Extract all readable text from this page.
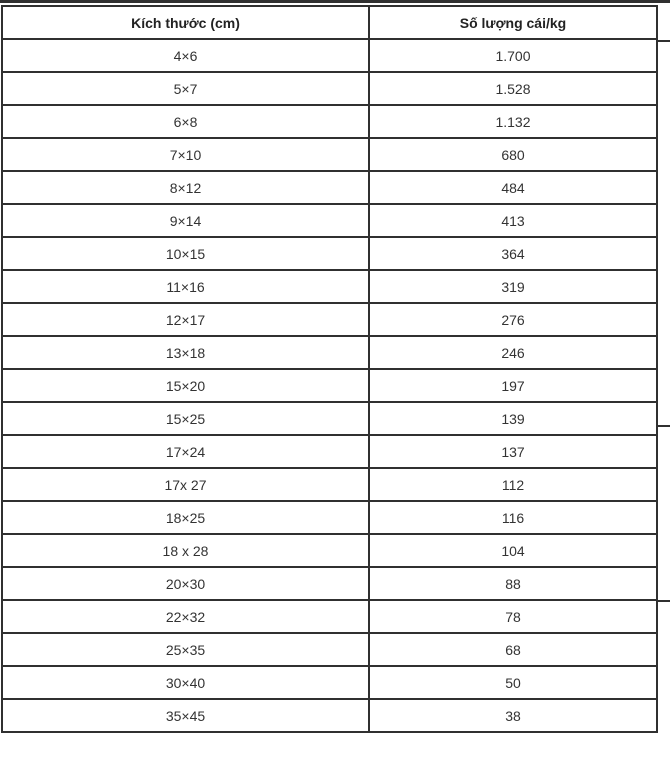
Kích thước (cm)	Số lượng cái/kg
4×6	1.700
5×7	1.528
6×8	1.132
7×10	680
8×12	484
9×14	413
10×15	364
11×16	319
12×17	276
13×18	246
15×20	197
15×25	139
17×24	137
17x 27	112
18×25	116
18 x 28	104
20×30	88
22×32	78
25×35	68
30×40	50
35×45	38
